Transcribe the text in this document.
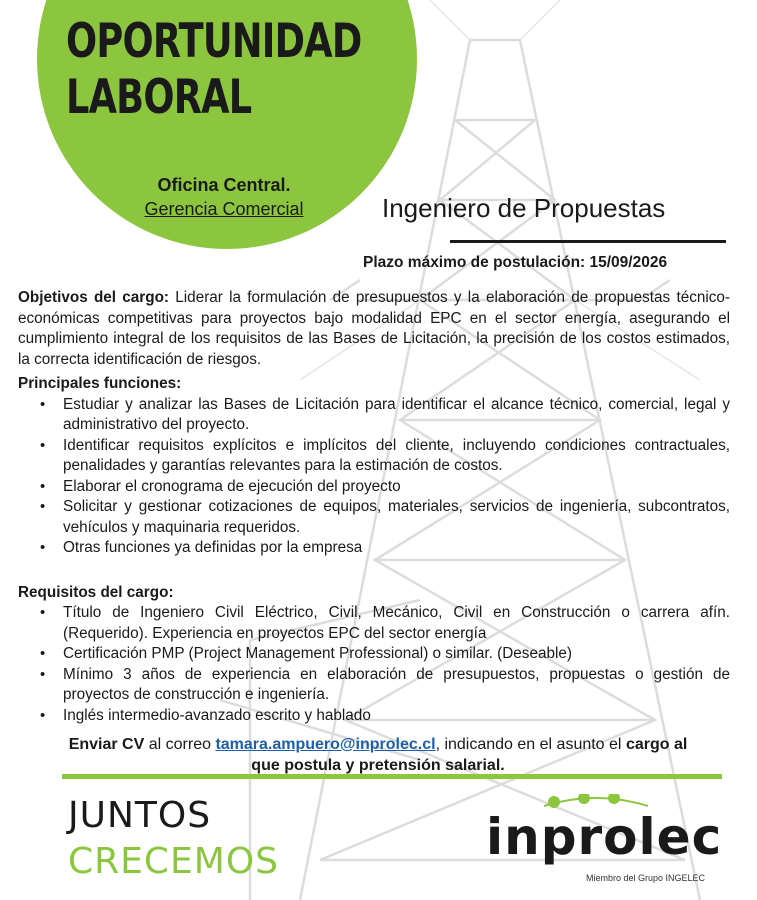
OPORTUNIDAD
LABORAL
Oficina Central.
Gerencia Comercial	Ingeniero de Propuestas
Plazo máximo de postulación: 15/09/2026

Objetivos del cargo: Liderar la formulación de presupuestos y la elaboración de propuestas técnico-económicas competitivas para proyectos bajo modalidad EPC en el sector energía, asegurando el cumplimiento integral de los requisitos de las Bases de Licitación, la precisión de los costos estimados, la correcta identificación de riesgos.

Principales funciones:
• Estudiar y analizar las Bases de Licitación para identificar el alcance técnico, comercial, legal y administrativo del proyecto.
• Identificar requisitos explícitos e implícitos del cliente, incluyendo condiciones contractuales, penalidades y garantías relevantes para la estimación de costos.
• Elaborar el cronograma de ejecución del proyecto
• Solicitar y gestionar cotizaciones de equipos, materiales, servicios de ingeniería, subcontratos, vehículos y maquinaria requeridos.
• Otras funciones ya definidas por la empresa
Requisitos del cargo:
• Título de Ingeniero Civil Eléctrico, Civil, Mecánico, Civil en Construcción o carrera afín. (Requerido). Experiencia en proyectos EPC del sector energía
• Certificación PMP (Project Management Professional) o similar. (Deseable)
• Mínimo 3 años de experiencia en elaboración de presupuestos, propuestas o gestión de proyectos de construcción e ingeniería.
• Inglés intermedio-avanzado escrito y hablado
Enviar CV al correo tamara.ampuero@inprolec.cl, indicando en el asunto el cargo al que postula y pretensión salarial.
JUNTOS
CRECEMOS	inprolec
Miembro del Grupo INGELEC
